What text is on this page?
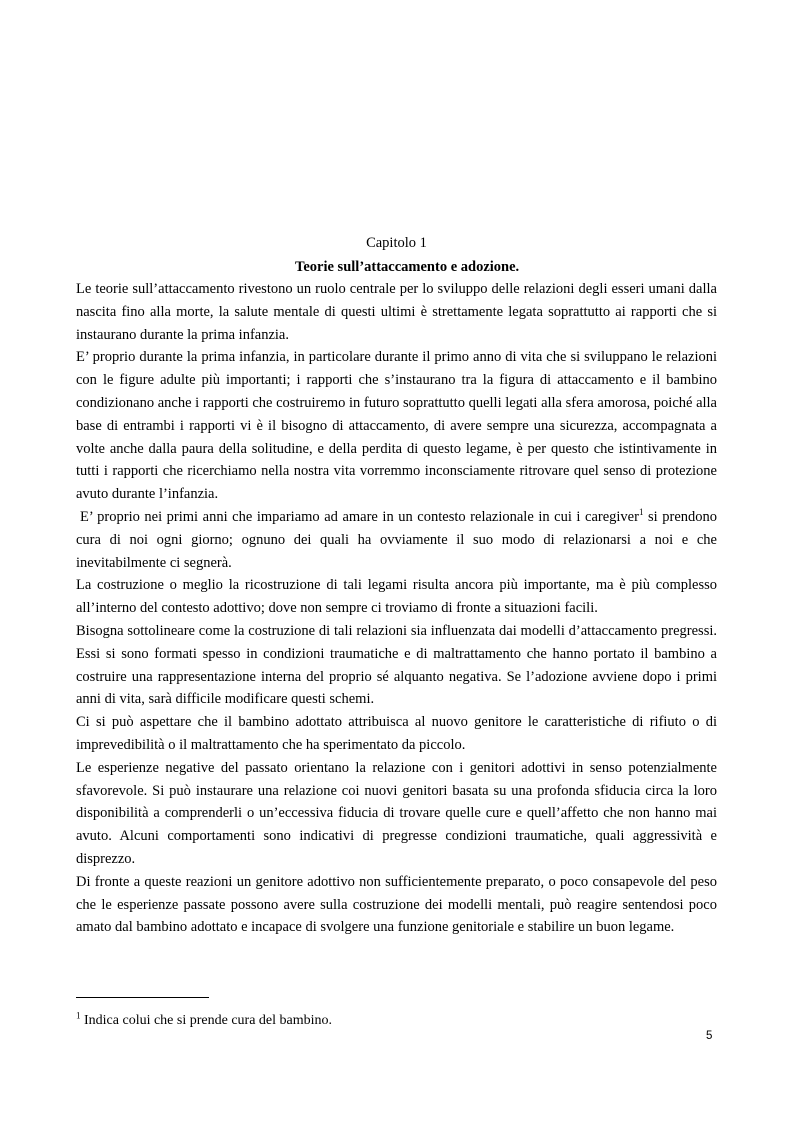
Capitolo 1
Teorie sull’attaccamento e adozione.

Le teorie sull’attaccamento rivestono un ruolo centrale per lo sviluppo delle relazioni degli esseri umani dalla nascita fino alla morte, la salute mentale di questi ultimi è strettamente legata soprattutto ai rapporti che si instaurano durante la prima infanzia.

E’ proprio durante la prima infanzia, in particolare durante il primo anno di vita che si sviluppano le relazioni con le figure adulte più importanti; i rapporti che s’instaurano tra la figura di attaccamento e il bambino condizionano anche i rapporti che costruiremo in futuro soprattutto quelli legati alla sfera amorosa, poiché alla base di entrambi i rapporti vi è il bisogno di attaccamento, di avere sempre una sicurezza, accompagnata a volte anche dalla paura della solitudine, e della perdita di questo legame, è per questo che istintivamente in tutti i rapporti che ricerchiamo nella nostra vita vorremmo inconsciamente ritrovare quel senso di protezione avuto durante l’infanzia.

E’ proprio nei primi anni che impariamo ad amare in un contesto relazionale in cui i caregiver$^1$ si prendono cura di noi ogni giorno; ognuno dei quali ha ovviamente il suo modo di relazionarsi a noi e che inevitabilmente ci segnerà.

La costruzione o meglio la ricostruzione di tali legami risulta ancora più importante, ma è più complesso all’interno del contesto adottivo; dove non sempre ci troviamo di fronte a situazioni facili.

Bisogna sottolineare come la costruzione di tali relazioni sia influenzata dai modelli d’attaccamento pregressi. Essi si sono formati spesso in condizioni traumatiche e di maltrattamento che hanno portato il bambino a costruire una rappresentazione interna del proprio sé alquanto negativa. Se l’adozione avviene dopo i primi anni di vita, sarà difficile modificare questi schemi.

Ci si può aspettare che il bambino adottato attribuisca al nuovo genitore le caratteristiche di rifiuto o di imprevedibilità o il maltrattamento che ha sperimentato da piccolo.

Le esperienze negative del passato orientano la relazione con i genitori adottivi in senso potenzialmente sfavorevole. Si può instaurare una relazione coi nuovi genitori basata su una profonda sfiducia circa la loro disponibilità a comprenderli o un’eccessiva fiducia di trovare quelle cure e quell’affetto che non hanno mai avuto. Alcuni comportamenti sono indicativi di pregresse condizioni traumatiche, quali aggressività e disprezzo.

Di fronte a queste reazioni un genitore adottivo non sufficientemente preparato, o poco consapevole del peso che le esperienze passate possono avere sulla costruzione dei modelli mentali, può reagire sentendosi poco amato dal bambino adottato e incapace di svolgere una funzione genitoriale e stabilire un buon legame.

$^1$ Indica colui che si prende cura del bambino.
5
